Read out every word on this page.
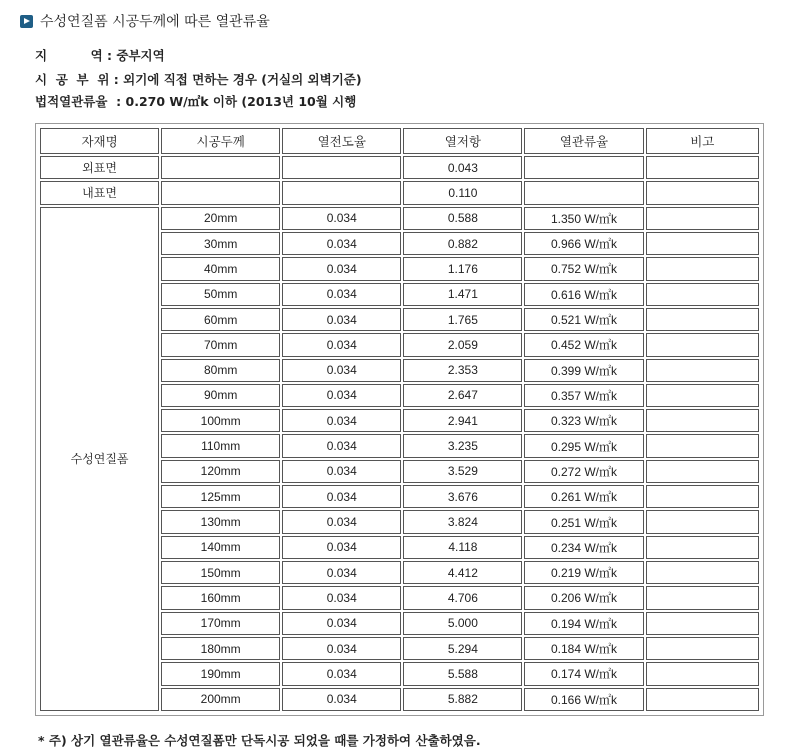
수성연질폼 시공두께에 따른 열관류율
지          역 : 중부지역
시  공  부  위 : 외기에 직접 면하는 경우 (거실의 외벽기준)
법적열관류율  : 0.270 W/㎡k 이하 (2013년 10월 시행
자재명	시공두께	열전도율	열저항	열관류율	비고
외표면			0.043		
내표면			0.110		
수성연질폼	20mm	0.034	0.588	1.350 W/㎡k	
	30mm	0.034	0.882	0.966 W/㎡k	
	40mm	0.034	1.176	0.752 W/㎡k	
	50mm	0.034	1.471	0.616 W/㎡k	
	60mm	0.034	1.765	0.521 W/㎡k	
	70mm	0.034	2.059	0.452 W/㎡k	
	80mm	0.034	2.353	0.399 W/㎡k	
	90mm	0.034	2.647	0.357 W/㎡k	
	100mm	0.034	2.941	0.323 W/㎡k	
	110mm	0.034	3.235	0.295 W/㎡k	
	120mm	0.034	3.529	0.272 W/㎡k	
	125mm	0.034	3.676	0.261 W/㎡k	
	130mm	0.034	3.824	0.251 W/㎡k	
	140mm	0.034	4.118	0.234 W/㎡k	
	150mm	0.034	4.412	0.219 W/㎡k	
	160mm	0.034	4.706	0.206 W/㎡k	
	170mm	0.034	5.000	0.194 W/㎡k	
	180mm	0.034	5.294	0.184 W/㎡k	
	190mm	0.034	5.588	0.174 W/㎡k	
	200mm	0.034	5.882	0.166 W/㎡k	
* 주) 상기 열관류율은 수성연질폼만 단독시공 되었을 때를 가정하여 산출하였음.
